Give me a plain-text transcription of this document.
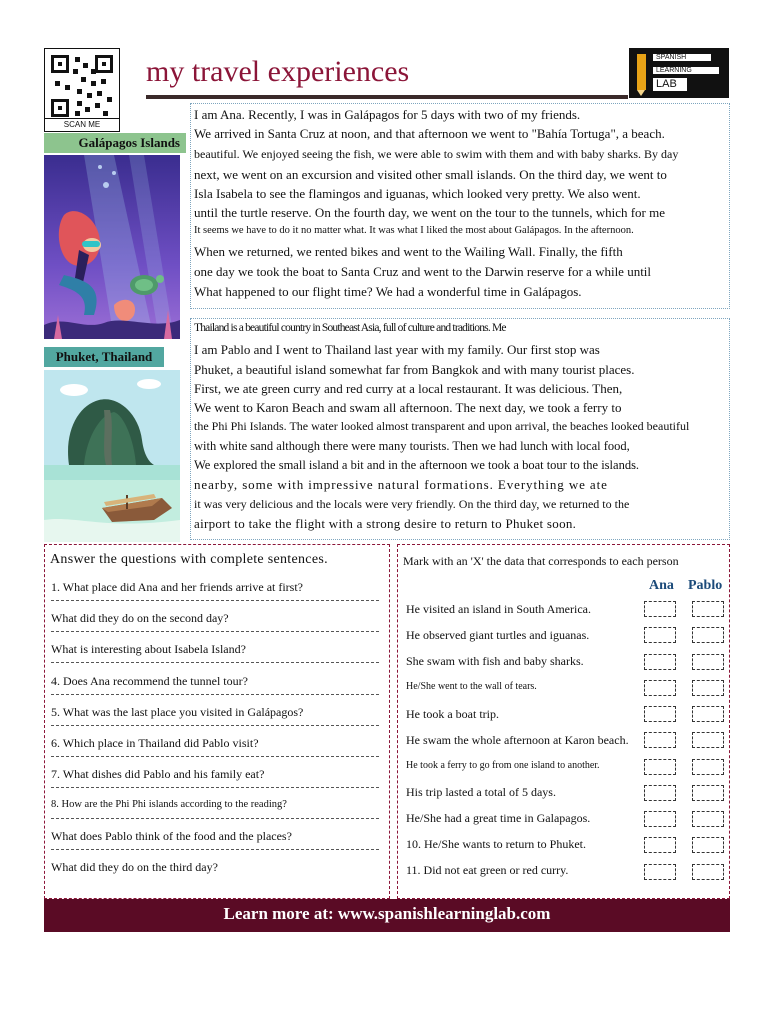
SCAN ME
my travel experiences	SPANISH
LEARNING
LAB
Galápagos Islands
I am Ana. Recently, I was in Galápagos for 5 days with two of my friends.
We arrived in Santa Cruz at noon, and that afternoon we went to "Bahía Tortuga", a beach.
beautiful. We enjoyed seeing the fish, we were able to swim with them and with baby sharks. By day
next, we went on an excursion and visited other small islands. On the third day, we went to
Isla Isabela to see the flamingos and iguanas, which looked very pretty. We also went.
until the turtle reserve. On the fourth day, we went on the tour to the tunnels, which for me
It seems we have to do it no matter what. It was what I liked the most about Galápagos. In the afternoon.
When we returned, we rented bikes and went to the Wailing Wall. Finally, the fifth
one day we took the boat to Santa Cruz and went to the Darwin reserve for a while until
What happened to our flight time? We had a wonderful time in Galápagos.
Phuket, Thailand
Thailand is a beautiful country in Southeast Asia, full of culture and traditions. Me
I am Pablo and I went to Thailand last year with my family. Our first stop was
Phuket, a beautiful island somewhat far from Bangkok and with many tourist places.
First, we ate green curry and red curry at a local restaurant. It was delicious. Then,
We went to Karon Beach and swam all afternoon. The next day, we took a ferry to
the Phi Phi Islands. The water looked almost transparent and upon arrival, the beaches looked beautiful
with white sand although there were many tourists. Then we had lunch with local food,
We explored the small island a bit and in the afternoon we took a boat tour to the islands.
nearby, some with impressive natural formations. Everything we ate
it was very delicious and the locals were very friendly. On the third day, we returned to the
airport to take the flight with a strong desire to return to Phuket soon.
Answer the questions with complete sentences.
1. What place did Ana and her friends arrive at first?
What did they do on the second day?
What is interesting about Isabela Island?
4. Does Ana recommend the tunnel tour?
5. What was the last place you visited in Galápagos?
6. Which place in Thailand did Pablo visit?
7. What dishes did Pablo and his family eat?
8. How are the Phi Phi islands according to the reading?
What does Pablo think of the food and the places?
What did they do on the third day?
Mark with an 'X' the data that corresponds to each person
Ana Pablo
He visited an island in South America.
He observed giant turtles and iguanas.
She swam with fish and baby sharks.
He/She went to the wall of tears.
He took a boat trip.
He swam the whole afternoon at Karon beach.
He took a ferry to go from one island to another.
His trip lasted a total of 5 days.
He/She had a great time in Galapagos.
10. He/She wants to return to Phuket.
11. Did not eat green or red curry.
Learn more at: www.spanishlearninglab.com
